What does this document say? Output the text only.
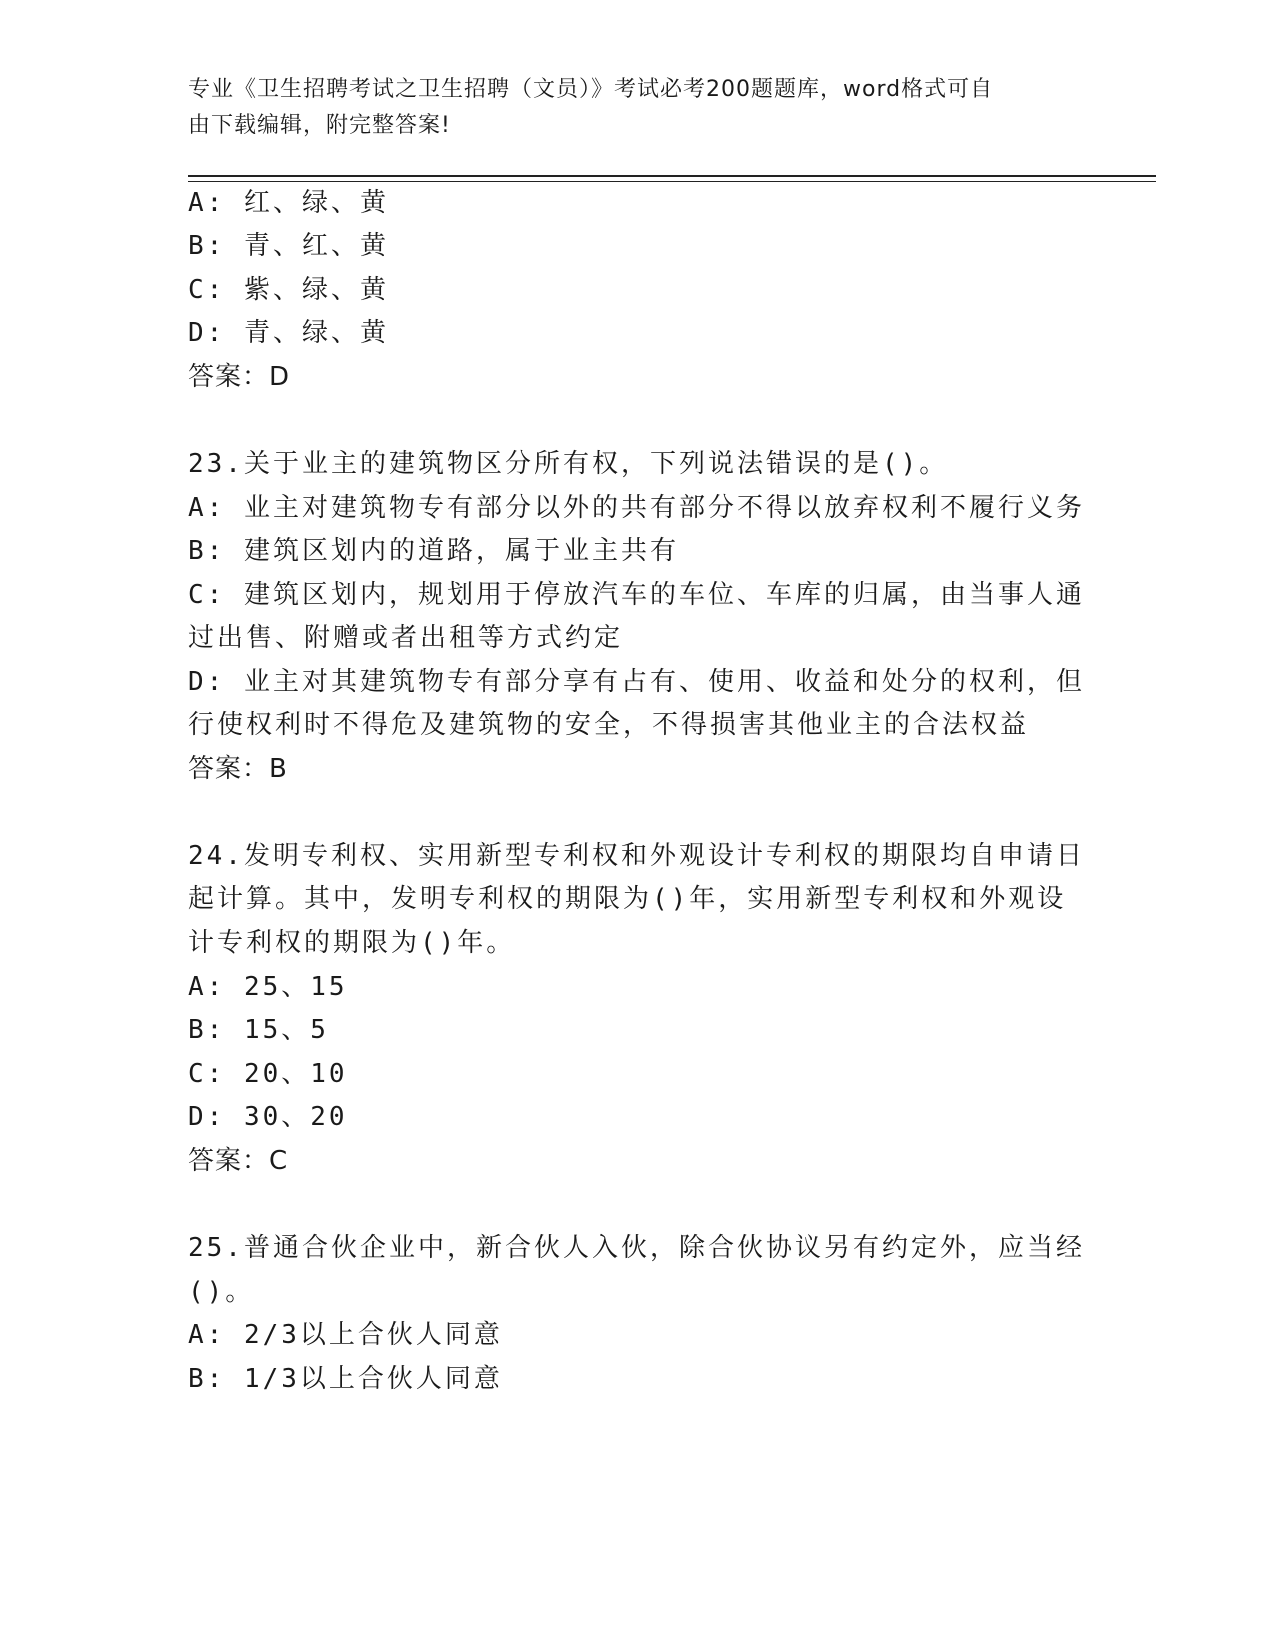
专业《卫生招聘考试之卫生招聘（文员）》考试必考200题题库，word格式可自
由下载编辑，附完整答案!
A: 红、绿、黄
B: 青、红、黄
C: 紫、绿、黄
D: 青、绿、黄
答案：D
23.关于业主的建筑物区分所有权，下列说法错误的是()。
A: 业主对建筑物专有部分以外的共有部分不得以放弃权利不履行义务
B: 建筑区划内的道路，属于业主共有
C: 建筑区划内，规划用于停放汽车的车位、车库的归属，由当事人通
过出售、附赠或者出租等方式约定
D: 业主对其建筑物专有部分享有占有、使用、收益和处分的权利，但
行使权利时不得危及建筑物的安全，不得损害其他业主的合法权益
答案：B
24.发明专利权、实用新型专利权和外观设计专利权的期限均自申请日
起计算。其中，发明专利权的期限为()年，实用新型专利权和外观设
计专利权的期限为()年。
A: 25、15
B: 15、5
C: 20、10
D: 30、20
答案：C
25.普通合伙企业中，新合伙人入伙，除合伙协议另有约定外，应当经
()。
A: 2/3以上合伙人同意
B: 1/3以上合伙人同意
